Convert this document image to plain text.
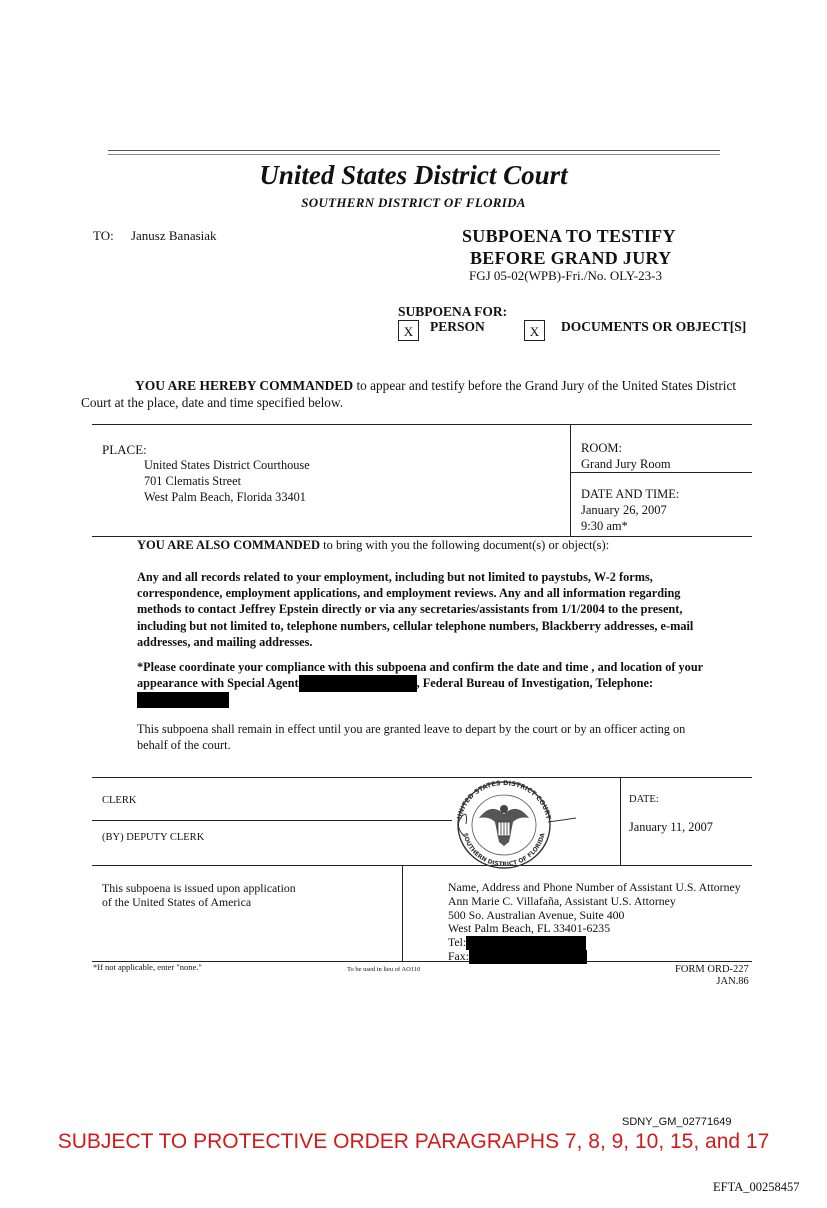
United States District Court
SOUTHERN DISTRICT OF FLORIDA
TO: Janusz Banasiak	SUBPOENA TO TESTIFY
BEFORE GRAND JURY
FGJ 05-02(WPB)-Fri./No. OLY-23-3
SUBPOENA FOR:
X	PERSON	X	DOCUMENTS OR OBJECT[S]
YOU ARE HEREBY COMMANDED to appear and testify before the Grand Jury of the United States District Court at the place, date and time specified below.
PLACE:
United States District Courthouse
701 Clematis Street
West Palm Beach, Florida 33401
ROOM:
Grand Jury Room
DATE AND TIME:
January 26, 2007
9:30 am*
YOU ARE ALSO COMMANDED to bring with you the following document(s) or object(s):
Any and all records related to your employment, including but not limited to paystubs, W-2 forms, correspondence, employment applications, and employment reviews. Any and all information regarding methods to contact Jeffrey Epstein directly or via any secretaries/assistants from 1/1/2004 to the present, including but not limited to, telephone numbers, cellular telephone numbers, Blackberry addresses, e-mail addresses, and mailing addresses.
*Please coordinate your compliance with this subpoena and confirm the date and time , and location of your appearance with Special Agent	, Federal Bureau of Investigation, Telephone:

This subpoena shall remain in effect until you are granted leave to depart by the court or by an officer acting on behalf of the court.
CLERK
(BY) DEPUTY CLERK
DATE:
January 11, 2007
UNITED STATES DISTRICT COURT
SOUTHERN DISTRICT OF FLORIDA
This subpoena is issued upon application
of the United States of America
Name, Address and Phone Number of Assistant U.S. Attorney
Ann Marie C. Villafaña, Assistant U.S. Attorney
500 So. Australian Avenue, Suite 400
West Palm Beach, FL 33401-6235
Tel:
Fax:
*If not applicable, enter "none."	To be used in lieu of AO110	FORM ORD-227
JAN.86
SDNY_GM_02771649
SUBJECT TO PROTECTIVE ORDER PARAGRAPHS 7, 8, 9, 10, 15, and 17
EFTA_00258457
